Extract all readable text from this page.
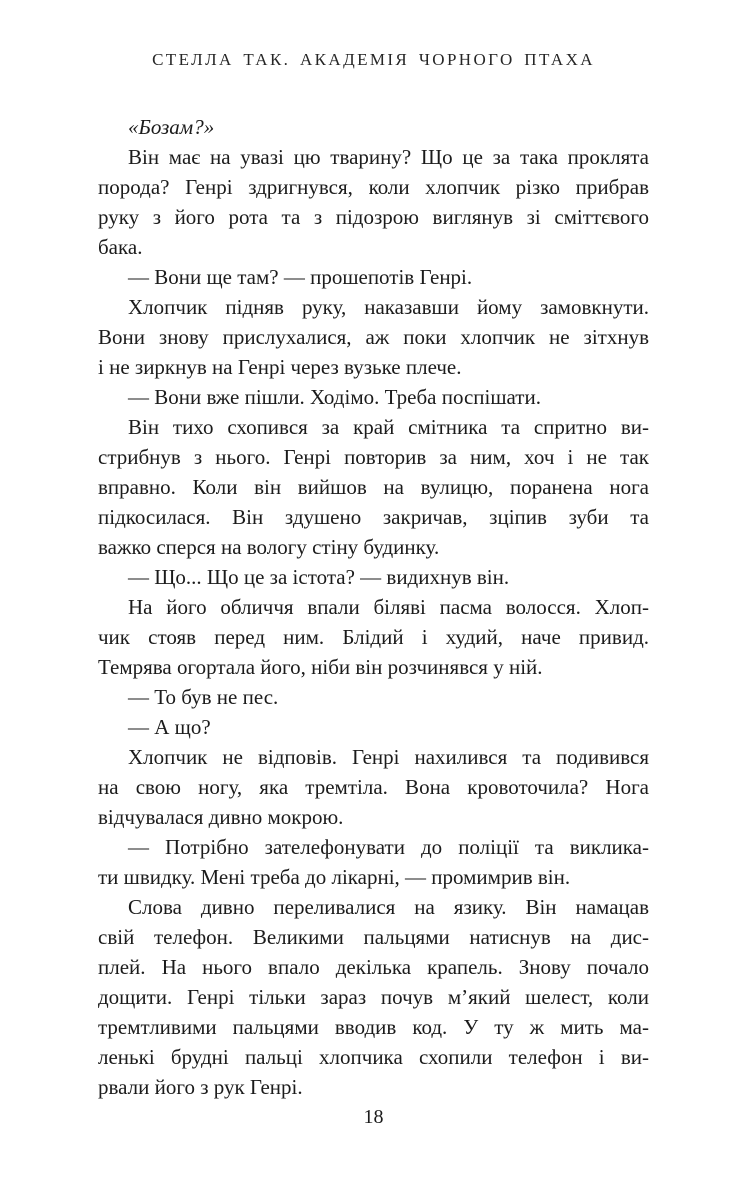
СТЕЛЛА ТАК. АКАДЕМІЯ ЧОРНОГО ПТАХА
«Бозам?»
Він має на увазі цю тварину? Що це за така проклята
порода? Генрі здригнувся, коли хлопчик різко прибрав
руку з його рота та з підозрою виглянув зі сміттєвого
бака.
— Вони ще там? — прошепотів Генрі.
Хлопчик підняв руку, наказавши йому замовкнути.
Вони знову прислухалися, аж поки хлопчик не зітхнув
і не зиркнув на Генрі через вузьке плече.
— Вони вже пішли. Ходімо. Треба поспішати.
Він тихо схопився за край смітника та спритно ви-
стрибнув з нього. Генрі повторив за ним, хоч і не так
вправно. Коли він вийшов на вулицю, поранена нога
підкосилася. Він здушено закричав, зціпив зуби та
важко сперся на вологу стіну будинку.
— Що... Що це за істота? — видихнув він.
На його обличчя впали біляві пасма волосся. Хлоп-
чик стояв перед ним. Блідий і худий, наче привид.
Темрява огортала його, ніби він розчинявся у ній.
— То був не пес.
— А що?
Хлопчик не відповів. Генрі нахилився та подивився
на свою ногу, яка тремтіла. Вона кровоточила? Нога
відчувалася дивно мокрою.
— Потрібно зателефонувати до поліції та виклика-
ти швидку. Мені треба до лікарні, — промимрив він.
Слова дивно переливалися на язику. Він намацав
свій телефон. Великими пальцями натиснув на дис-
плей. На нього впало декілька крапель. Знову почало
дощити. Генрі тільки зараз почув м’який шелест, коли
тремтливими пальцями вводив код. У ту ж мить ма-
ленькі брудні пальці хлопчика схопили телефон і ви-
рвали його з рук Генрі.
18
